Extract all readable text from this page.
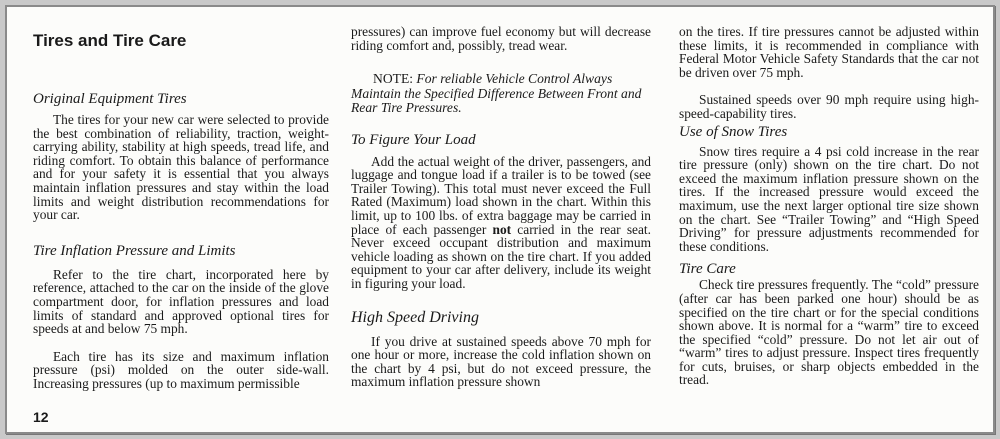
Tires and Tire Care
Original Equipment Tires

The tires for your new car were selected to provide the best combination of reliability, traction, weight-carrying ability, stability at high speeds, tread life, and riding comfort. To obtain this balance of performance and for your safety it is essential that you always maintain inflation pressures and stay within the load limits and weight distribution recommendations for your car.

Tire Inflation Pressure and Limits

Refer to the tire chart, incorporated here by reference, attached to the car on the inside of the glove compartment door, for inflation pressures and load limits of standard and approved optional tires for speeds at and below 75 mph.

Each tire has its size and maximum inflation pressure (psi) molded on the outer side-wall. Increasing pressures (up to maximum permissible

pressures) can improve fuel economy but will decrease riding comfort and, possibly, tread wear.

NOTE: For reliable Vehicle Control Always Maintain the Specified Difference Between Front and Rear Tire Pressures.

To Figure Your Load

Add the actual weight of the driver, passengers, and luggage and tongue load if a trailer is to be towed (see Trailer Towing). This total must never exceed the Full Rated (Maximum) load shown in the chart. Within this limit, up to 100 lbs. of extra baggage may be carried in place of each passenger not carried in the rear seat. Never exceed occupant distribution and maximum vehicle loading as shown on the tire chart. If you added equipment to your car after delivery, include its weight in figuring your load.

High Speed Driving

If you drive at sustained speeds above 70 mph for one hour or more, increase the cold inflation shown on the chart by 4 psi, but do not exceed pressure, the maximum inflation pressure shown

on the tires. If tire pressures cannot be adjusted within these limits, it is recommended in compliance with Federal Motor Vehicle Safety Standards that the car not be driven over 75 mph.

Sustained speeds over 90 mph require using high-speed-capability tires.

Use of Snow Tires

Snow tires require a 4 psi cold increase in the rear tire pressure (only) shown on the tire chart. Do not exceed the maximum inflation pressure shown on the tires. If the increased pressure would exceed the maximum, use the next larger optional tire size shown on the chart. See “Trailer Towing” and “High Speed Driving” for pressure adjustments recommended for these conditions.

Tire Care

Check tire pressures frequently. The “cold” pressure (after car has been parked one hour) should be as specified on the tire chart or for the special conditions shown above. It is normal for a “warm” tire to exceed the specified “cold” pressure. Do not let air out of “warm” tires to adjust pressure. Inspect tires frequently for cuts, bruises, or sharp objects embedded in the tread.

12
